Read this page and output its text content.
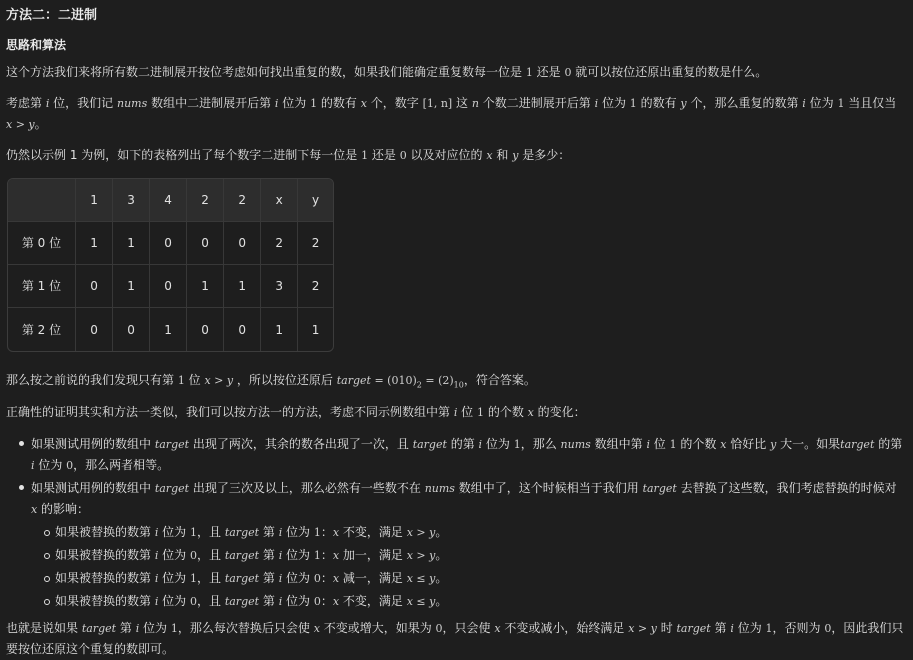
方法二：二进制
思路和算法
这个方法我们来将所有数二进制展开按位考虑如何找出重复的数，如果我们能确定重复数每一位是 1 还是 0 就可以按位还原出重复的数是什么。
考虑第 i 位，我们记 nums 数组中二进制展开后第 i 位为 1 的数有 x 个，数字 [1, n] 这 n 个数二进制展开后第 i 位为 1 的数有 y 个，那么重复的数第 i 位为 1 当且仅当 x > y。
仍然以示例 1 为例，如下的表格列出了每个数字二进制下每一位是 1 还是 0 以及对应位的 x 和 y 是多少：
	1	3	4	2	2	x	y
第 0 位	1	1	0	0	0	2	2
第 1 位	0	1	0	1	1	3	2
第 2 位	0	0	1	0	0	1	1
那么按之前说的我们发现只有第 1 位 x > y ，所以按位还原后 target = $(010)_2 = (2)_{10}$，符合答案。
正确性的证明其实和方法一类似，我们可以按方法一的方法，考虑不同示例数组中第 i 位 1 的个数 x 的变化：
如果测试用例的数组中 target 出现了两次，其余的数各出现了一次，且 target 的第 i 位为 1，那么 nums 数组中第 i 位 1 的个数 x 恰好比 y 大一。如果target 的第 i 位为 0，那么两者相等。
如果测试用例的数组中 target 出现了三次及以上，那么必然有一些数不在 nums 数组中了，这个时候相当于我们用 target 去替换了这些数，我们考虑替换的时候对 x 的影响：
如果被替换的数第 i 位为 1，且 target 第 i 位为 1：x 不变，满足 x > y。
如果被替换的数第 i 位为 0，且 target 第 i 位为 1：x 加一，满足 x > y。
如果被替换的数第 i 位为 1，且 target 第 i 位为 0：x 减一，满足 x ≤ y。
如果被替换的数第 i 位为 0，且 target 第 i 位为 0：x 不变，满足 x ≤ y。
也就是说如果 target 第 i 位为 1，那么每次替换后只会使 x 不变或增大，如果为 0，只会使 x 不变或减小，始终满足 x > y 时 target 第 i 位为 1，否则为 0，因此我们只要按位还原这个重复的数即可。
